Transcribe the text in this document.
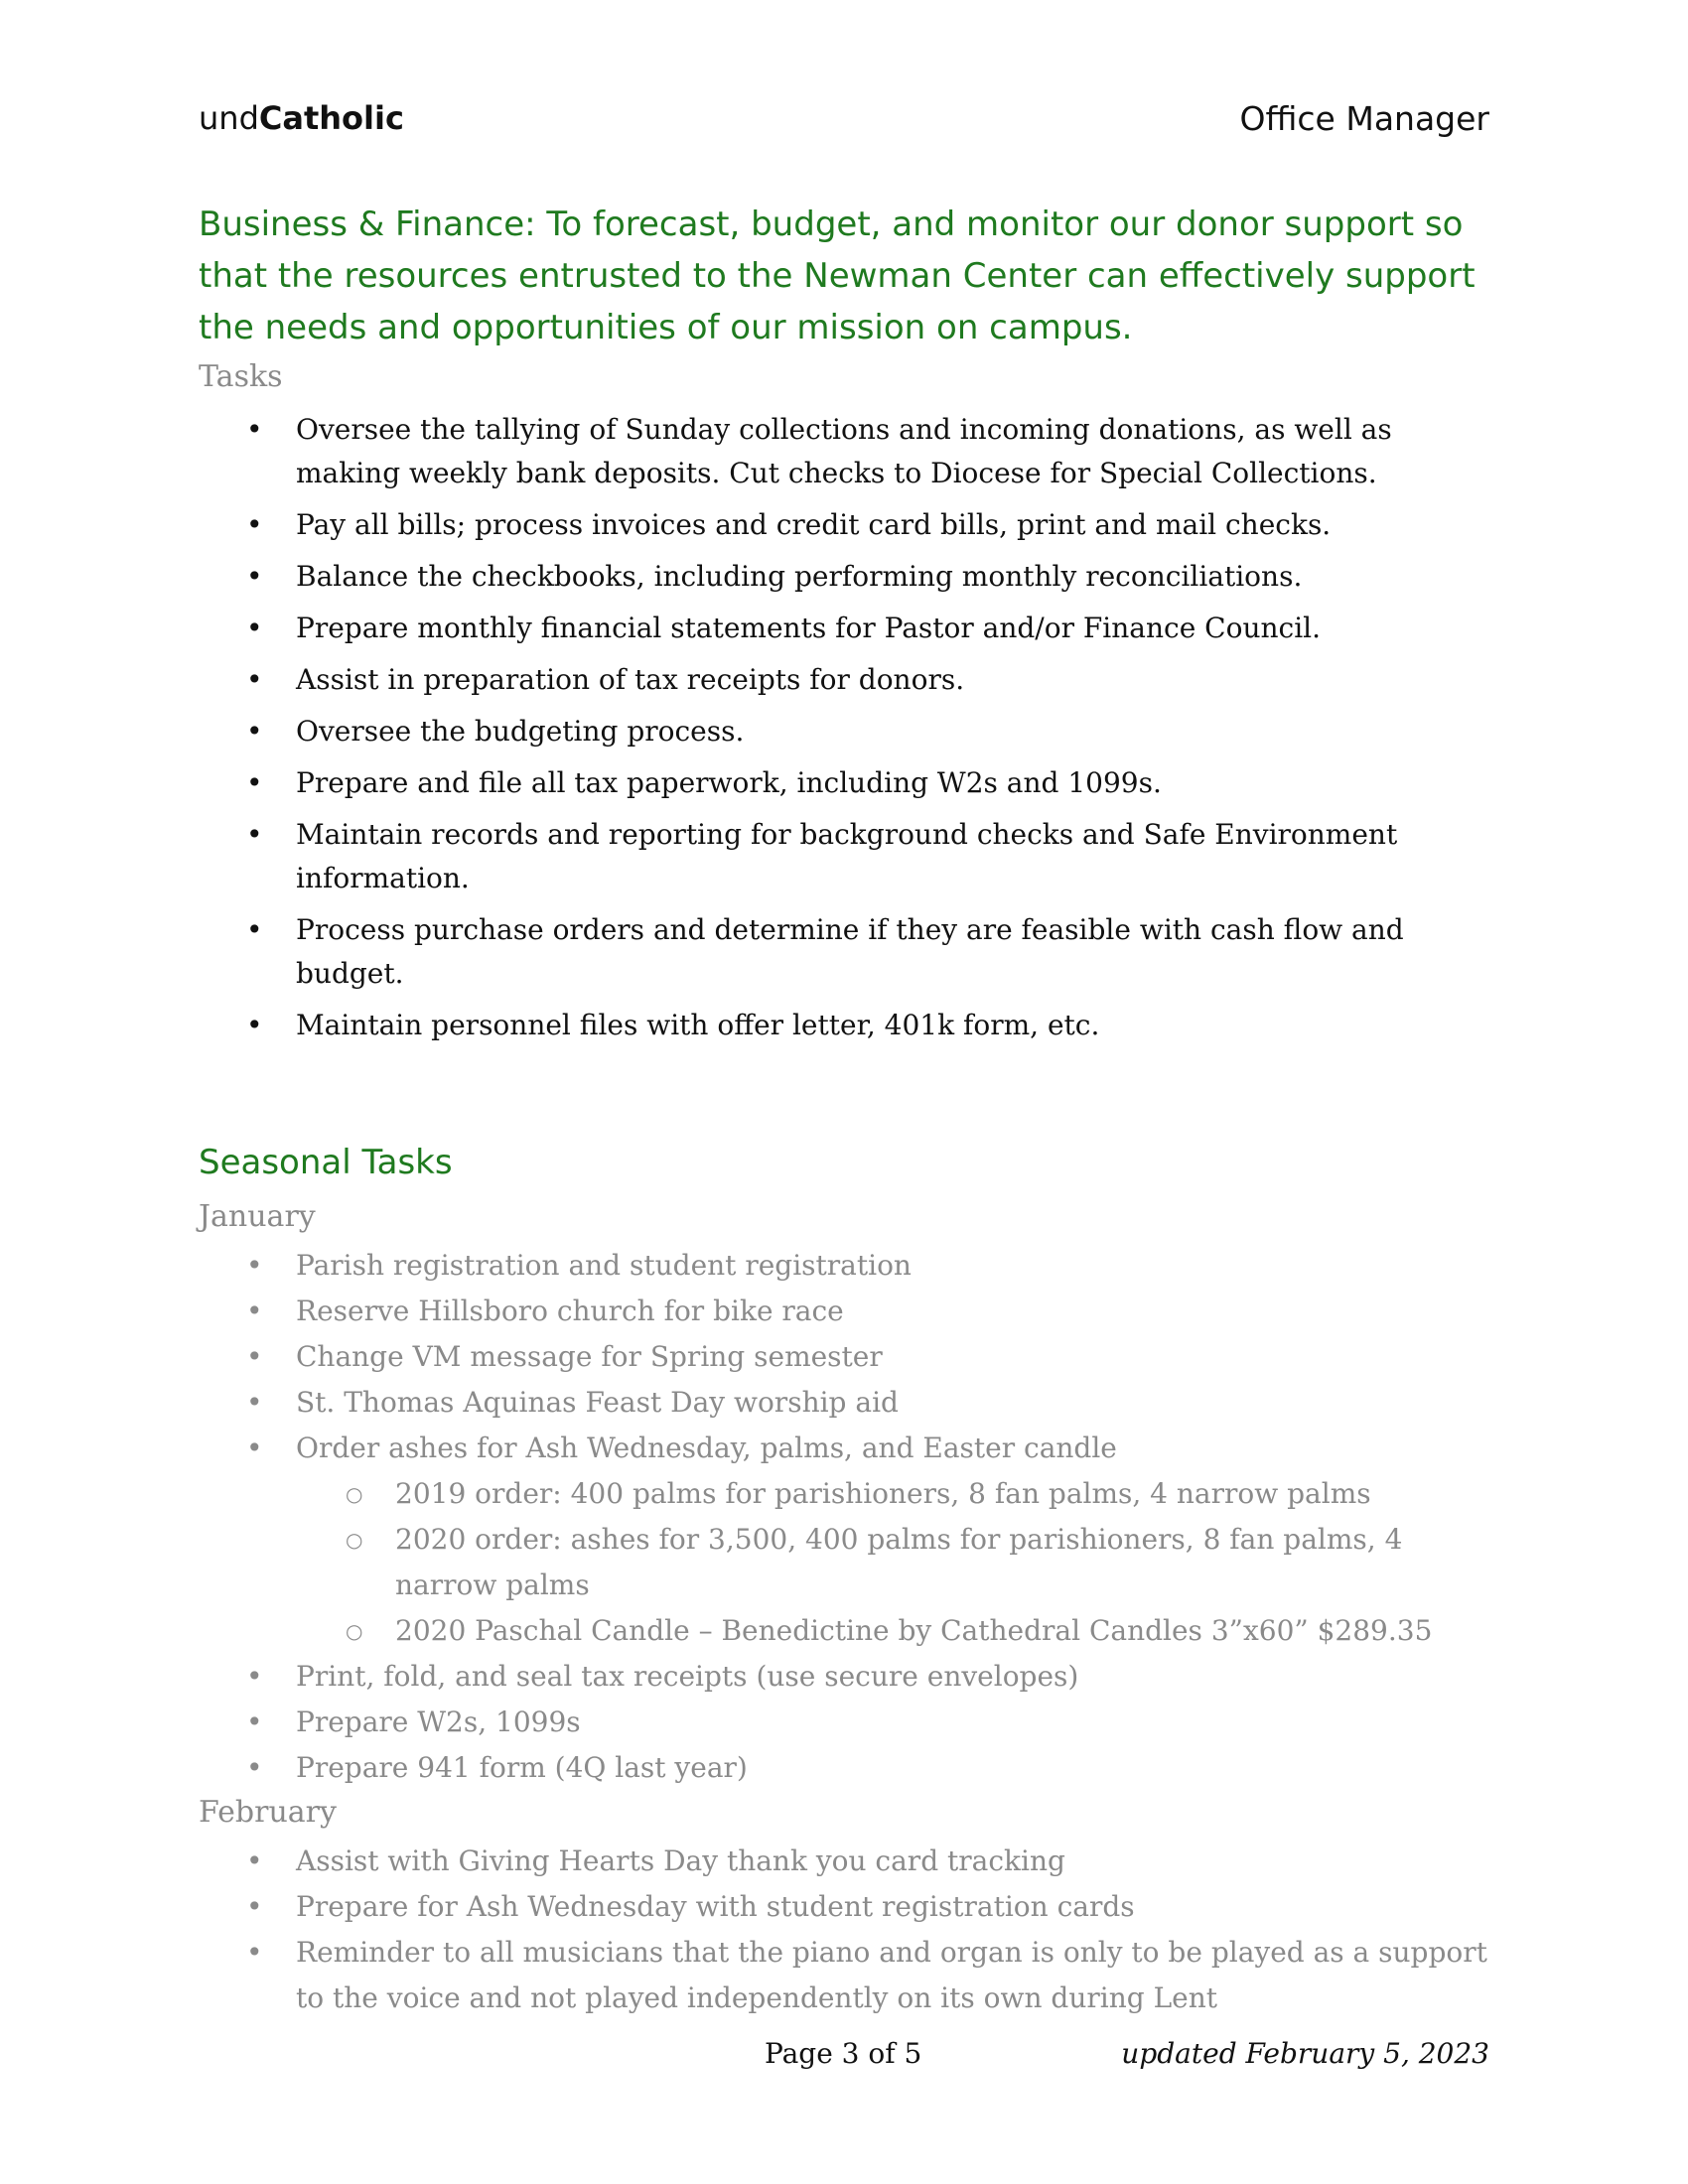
undCatholic	Office Manager
Business & Finance: To forecast, budget, and monitor our donor support so that the resources entrusted to the Newman Center can effectively support the needs and opportunities of our mission on campus.
Tasks
• Oversee the tallying of Sunday collections and incoming donations, as well as making weekly bank deposits. Cut checks to Diocese for Special Collections.
• Pay all bills; process invoices and credit card bills, print and mail checks.
• Balance the checkbooks, including performing monthly reconciliations.
• Prepare monthly financial statements for Pastor and/or Finance Council.
• Assist in preparation of tax receipts for donors.
• Oversee the budgeting process.
• Prepare and file all tax paperwork, including W2s and 1099s.
• Maintain records and reporting for background checks and Safe Environment information.
• Process purchase orders and determine if they are feasible with cash flow and budget.
• Maintain personnel files with offer letter, 401k form, etc.
Seasonal Tasks
January
• Parish registration and student registration
• Reserve Hillsboro church for bike race
• Change VM message for Spring semester
• St. Thomas Aquinas Feast Day worship aid
• Order ashes for Ash Wednesday, palms, and Easter candle
○ 2019 order: 400 palms for parishioners, 8 fan palms, 4 narrow palms
○ 2020 order: ashes for 3,500, 400 palms for parishioners, 8 fan palms, 4 narrow palms
○ 2020 Paschal Candle – Benedictine by Cathedral Candles 3”x60” $289.35
• Print, fold, and seal tax receipts (use secure envelopes)
• Prepare W2s, 1099s
• Prepare 941 form (4Q last year)
February
• Assist with Giving Hearts Day thank you card tracking
• Prepare for Ash Wednesday with student registration cards
• Reminder to all musicians that the piano and organ is only to be played as a support to the voice and not played independently on its own during Lent
Page 3 of 5	updated February 5, 2023
